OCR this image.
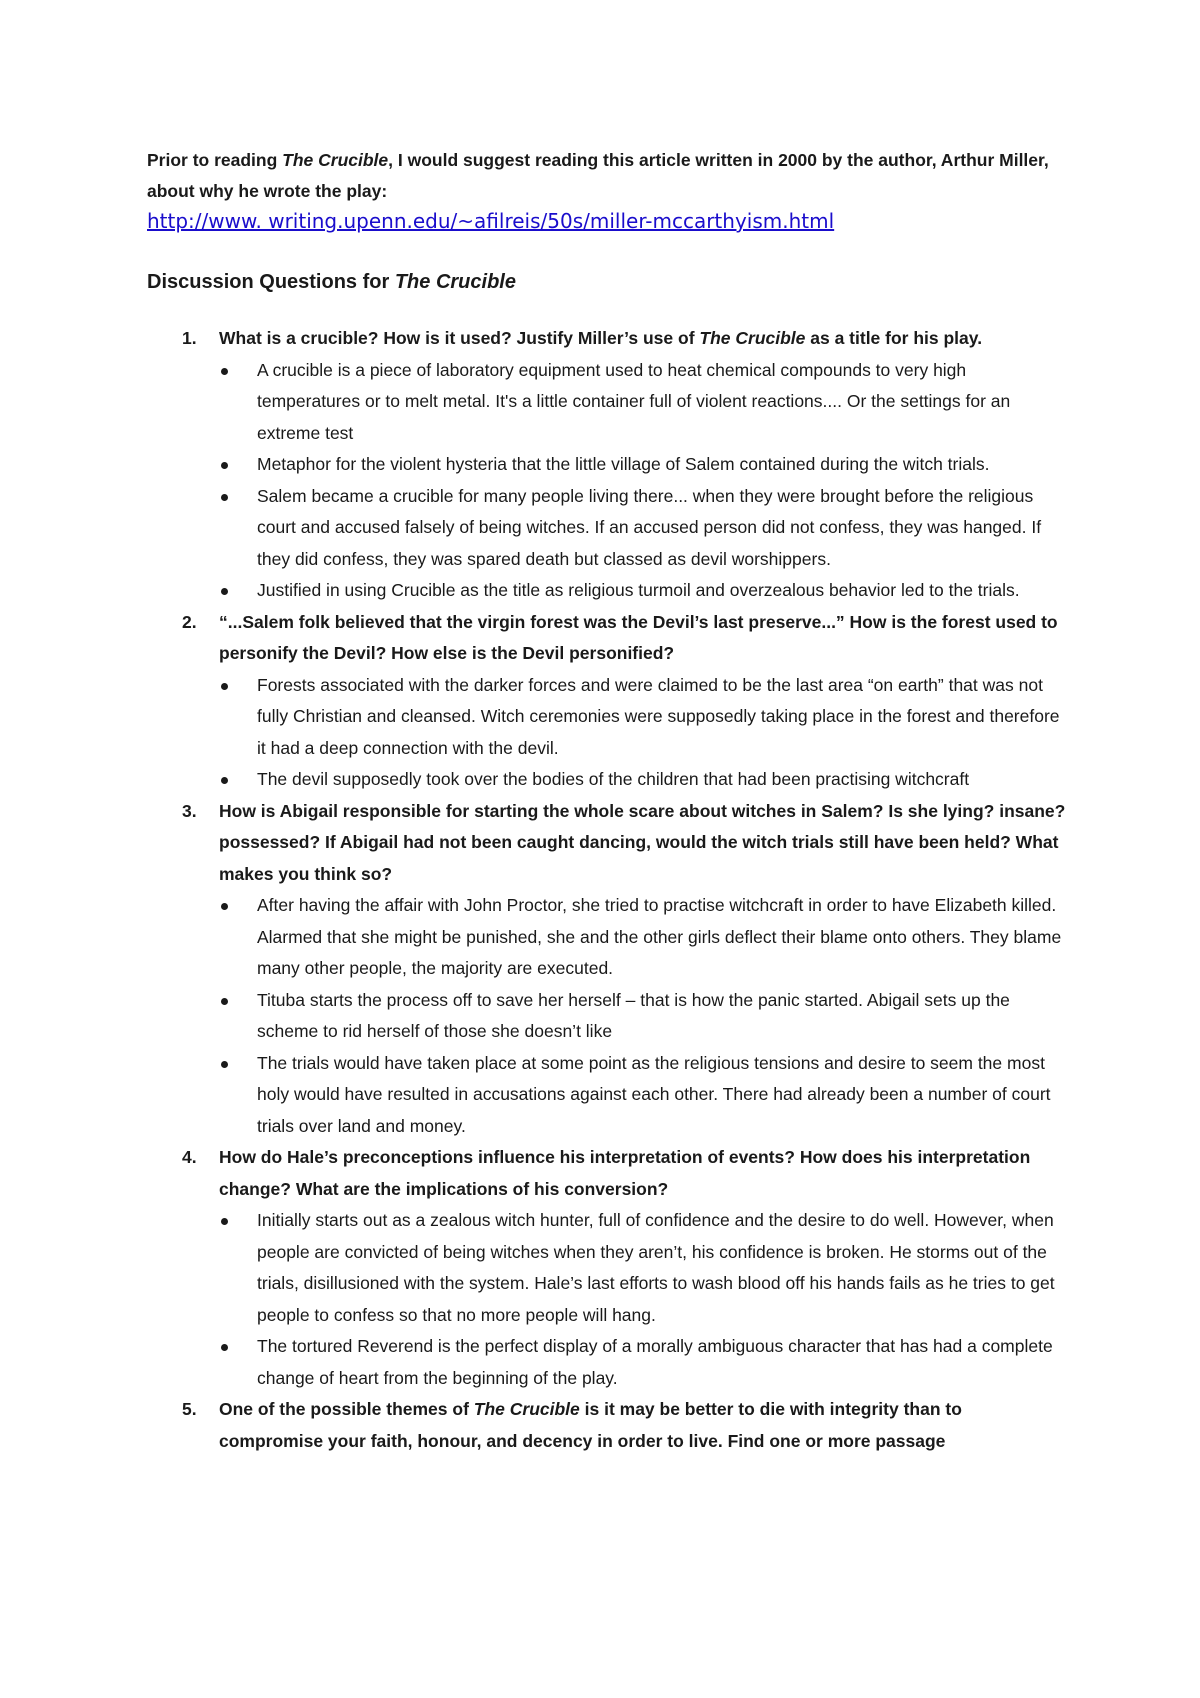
Prior to reading The Crucible, I would suggest reading this article written in 2000 by the author, Arthur Miller, about why he wrote the play:

http://www. writing.upenn.edu/~afilreis/50s/miller-mccarthyism.html
Discussion Questions for The Crucible
1. What is a crucible? How is it used? Justify Miller’s use of The Crucible as a title for his play.

A crucible is a piece of laboratory equipment used to heat chemical compounds to very high temperatures or to melt metal. It's a little container full of violent reactions.... Or the settings for an extreme test
Metaphor for the violent hysteria that the little village of Salem contained during the witch trials.
Salem became a crucible for many people living there... when they were brought before the religious court and accused falsely of being witches. If an accused person did not confess, they was hanged. If they did confess, they was spared death but classed as devil worshippers.
Justified in using Crucible as the title as religious turmoil and overzealous behavior led to the trials.
2. “...Salem folk believed that the virgin forest was the Devil’s last preserve...” How is the forest used to personify the Devil? How else is the Devil personified?

Forests associated with the darker forces and were claimed to be the last area “on earth” that was not fully Christian and cleansed. Witch ceremonies were supposedly taking place in the forest and therefore it had a deep connection with the devil.
The devil supposedly took over the bodies of the children that had been practising witchcraft
3. How is Abigail responsible for starting the whole scare about witches in Salem? Is she lying? insane? possessed? If Abigail had not been caught dancing, would the witch trials still have been held? What makes you think so?

After having the affair with John Proctor, she tried to practise witchcraft in order to have Elizabeth killed. Alarmed that she might be punished, she and the other girls deflect their blame onto others. They blame many other people, the majority are executed.
Tituba starts the process off to save her herself – that is how the panic started. Abigail sets up the scheme to rid herself of those she doesn’t like
The trials would have taken place at some point as the religious tensions and desire to seem the most holy would have resulted in accusations against each other. There had already been a number of court trials over land and money.
4. How do Hale’s preconceptions influence his interpretation of events? How does his interpretation change? What are the implications of his conversion?

Initially starts out as a zealous witch hunter, full of confidence and the desire to do well. However, when people are convicted of being witches when they aren’t, his confidence is broken. He storms out of the trials, disillusioned with the system. Hale’s last efforts to wash blood off his hands fails as he tries to get people to confess so that no more people will hang.
The tortured Reverend is the perfect display of a morally ambiguous character that has had a complete change of heart from the beginning of the play.
5. One of the possible themes of The Crucible is it may be better to die with integrity than to compromise your faith, honour, and decency in order to live. Find one or more passage
